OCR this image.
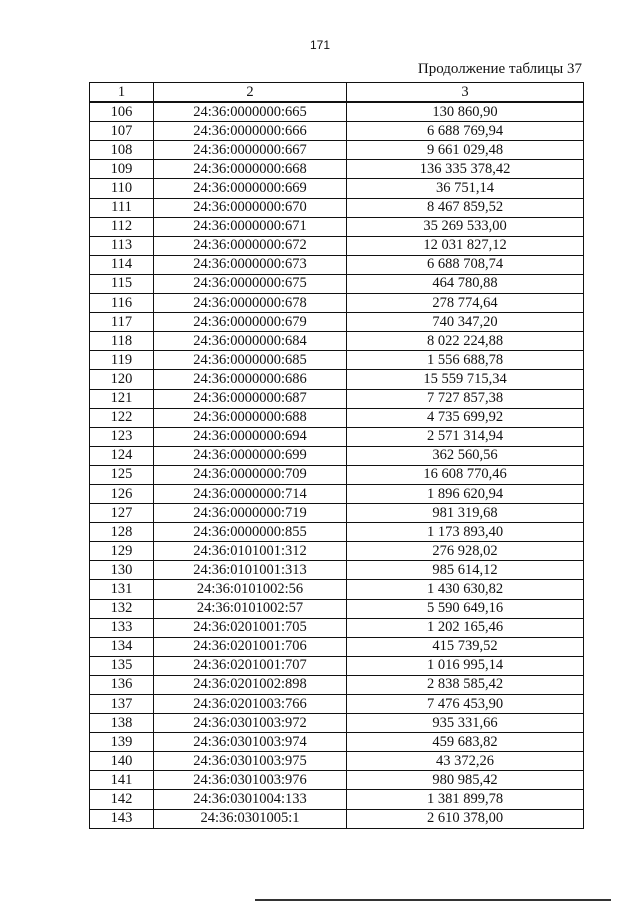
171
Продолжение таблицы 37
1	2	3
106	24:36:0000000:665	130 860,90
107	24:36:0000000:666	6 688 769,94
108	24:36:0000000:667	9 661 029,48
109	24:36:0000000:668	136 335 378,42
110	24:36:0000000:669	36 751,14
111	24:36:0000000:670	8 467 859,52
112	24:36:0000000:671	35 269 533,00
113	24:36:0000000:672	12 031 827,12
114	24:36:0000000:673	6 688 708,74
115	24:36:0000000:675	464 780,88
116	24:36:0000000:678	278 774,64
117	24:36:0000000:679	740 347,20
118	24:36:0000000:684	8 022 224,88
119	24:36:0000000:685	1 556 688,78
120	24:36:0000000:686	15 559 715,34
121	24:36:0000000:687	7 727 857,38
122	24:36:0000000:688	4 735 699,92
123	24:36:0000000:694	2 571 314,94
124	24:36:0000000:699	362 560,56
125	24:36:0000000:709	16 608 770,46
126	24:36:0000000:714	1 896 620,94
127	24:36:0000000:719	981 319,68
128	24:36:0000000:855	1 173 893,40
129	24:36:0101001:312	276 928,02
130	24:36:0101001:313	985 614,12
131	24:36:0101002:56	1 430 630,82
132	24:36:0101002:57	5 590 649,16
133	24:36:0201001:705	1 202 165,46
134	24:36:0201001:706	415 739,52
135	24:36:0201001:707	1 016 995,14
136	24:36:0201002:898	2 838 585,42
137	24:36:0201003:766	7 476 453,90
138	24:36:0301003:972	935 331,66
139	24:36:0301003:974	459 683,82
140	24:36:0301003:975	43 372,26
141	24:36:0301003:976	980 985,42
142	24:36:0301004:133	1 381 899,78
143	24:36:0301005:1	2 610 378,00
